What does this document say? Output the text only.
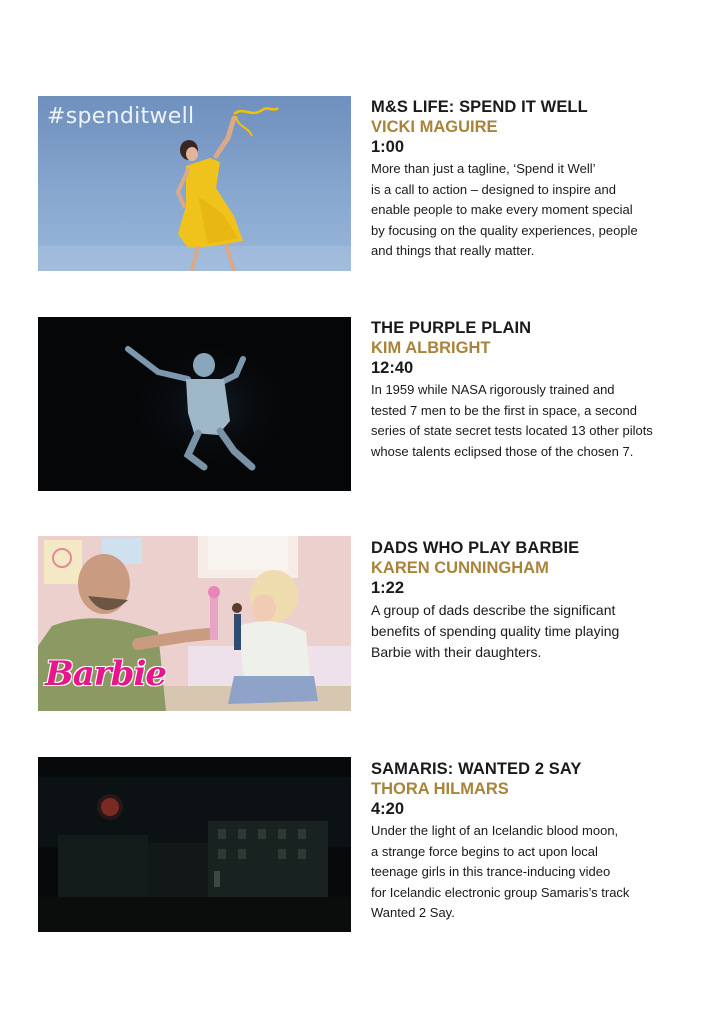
#spenditwell	M&S LIFE: SPEND IT WELL
VICKI MAGUIRE
1:00
More than just a tagline, ‘Spend it Well’
is a call to action – designed to inspire and
enable people to make every moment special
by focusing on the quality experiences, people
and things that really matter.
THE PURPLE PLAIN
KIM ALBRIGHT
12:40
In 1959 while NASA rigorously trained and
tested 7 men to be the first in space, a second
series of state secret tests located 13 other pilots
whose talents eclipsed those of the chosen 7.
Barbie
DADS WHO PLAY BARBIE
KAREN CUNNINGHAM
1:22
A group of dads describe the significant
benefits of spending quality time playing
Barbie with their daughters.
SAMARIS: WANTED 2 SAY
THORA HILMARS
4:20
Under the light of an Icelandic blood moon,
a strange force begins to act upon local
teenage girls in this trance-inducing video
for Icelandic electronic group Samaris’s track
Wanted 2 Say.
